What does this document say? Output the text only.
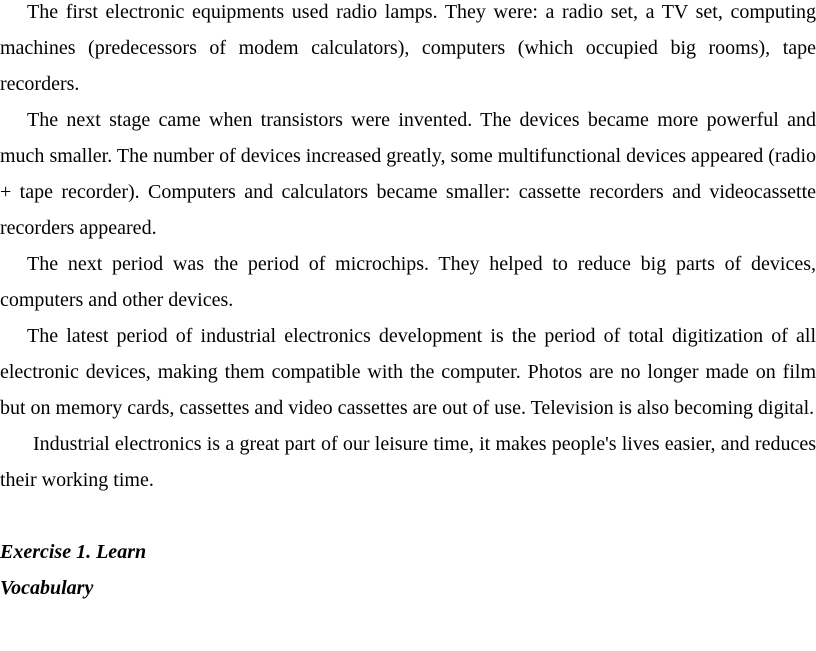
The first electronic equipments used radio lamps. They were: a radio set, a TV set, computing machines (predecessors of modem calculators), computers (which occupied big rooms), tape recorders.

The next stage came when transistors were invented. The devices became more powerful and much smaller. The number of devices increased greatly, some multifunctional devices appeared (radio + tape recorder). Computers and calculators became smaller: cassette recorders and videocassette recorders appeared.

The next period was the period of microchips. They helped to reduce big parts of devices, computers and other devices.

The latest period of industrial electronics development is the period of total digitization of all electronic devices, making them compatible with the computer. Photos are no longer made on film but on memory cards, cassettes and video cassettes are out of use. Television is also becoming digital.

Industrial electronics is a great part of our leisure time, it makes people's lives easier, and reduces their working time.

Exercise 1. Learn

Vocabulary
